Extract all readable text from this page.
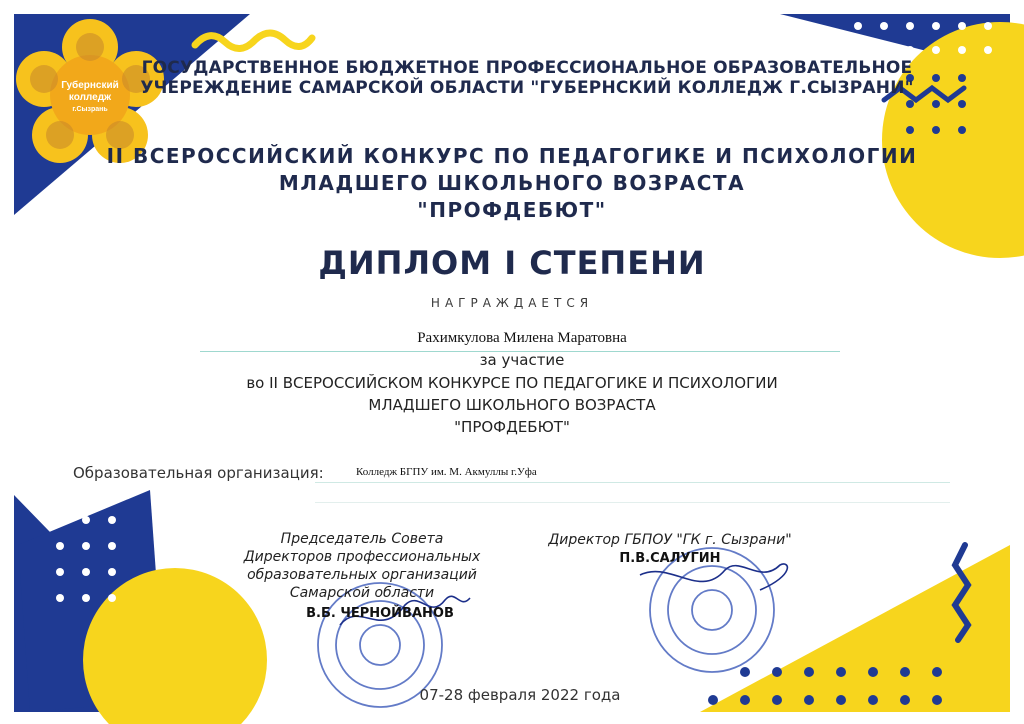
Губернский
колледж
г.Сызрань
ГОСУДАРСТВЕННОЕ БЮДЖЕТНОЕ ПРОФЕССИОНАЛЬНОЕ ОБРАЗОВАТЕЛЬНОЕ
УЧЕРЕЖДЕНИЕ САМАРСКОЙ ОБЛАСТИ "ГУБЕРНСКИЙ КОЛЛЕДЖ Г.СЫЗРАНИ"
II ВСЕРОССИЙСКИЙ КОНКУРС ПО ПЕДАГОГИКЕ И ПСИХОЛОГИИ
МЛАДШЕГО ШКОЛЬНОГО ВОЗРАСТА
"ПРОФДЕБЮТ"
ДИПЛОМ I СТЕПЕНИ
НАГРАЖДАЕТСЯ
Рахимкулова Милена Маратовна
за участие
во II ВСЕРОССИЙСКОМ КОНКУРСЕ ПО ПЕДАГОГИКЕ И ПСИХОЛОГИИ
МЛАДШЕГО ШКОЛЬНОГО ВОЗРАСТА
"ПРОФДЕБЮТ"
Образовательная организация:	Колледж БГПУ им. М. Акмуллы г.Уфа
Председатель Совета
Директоров профессиональных
образовательных организаций
Самарской области
В.Б. ЧЕРНОЙВАНОВ
Директор ГБПОУ "ГК г. Сызрани"
П.В.САЛУГИН
07-28 февраля 2022 года
